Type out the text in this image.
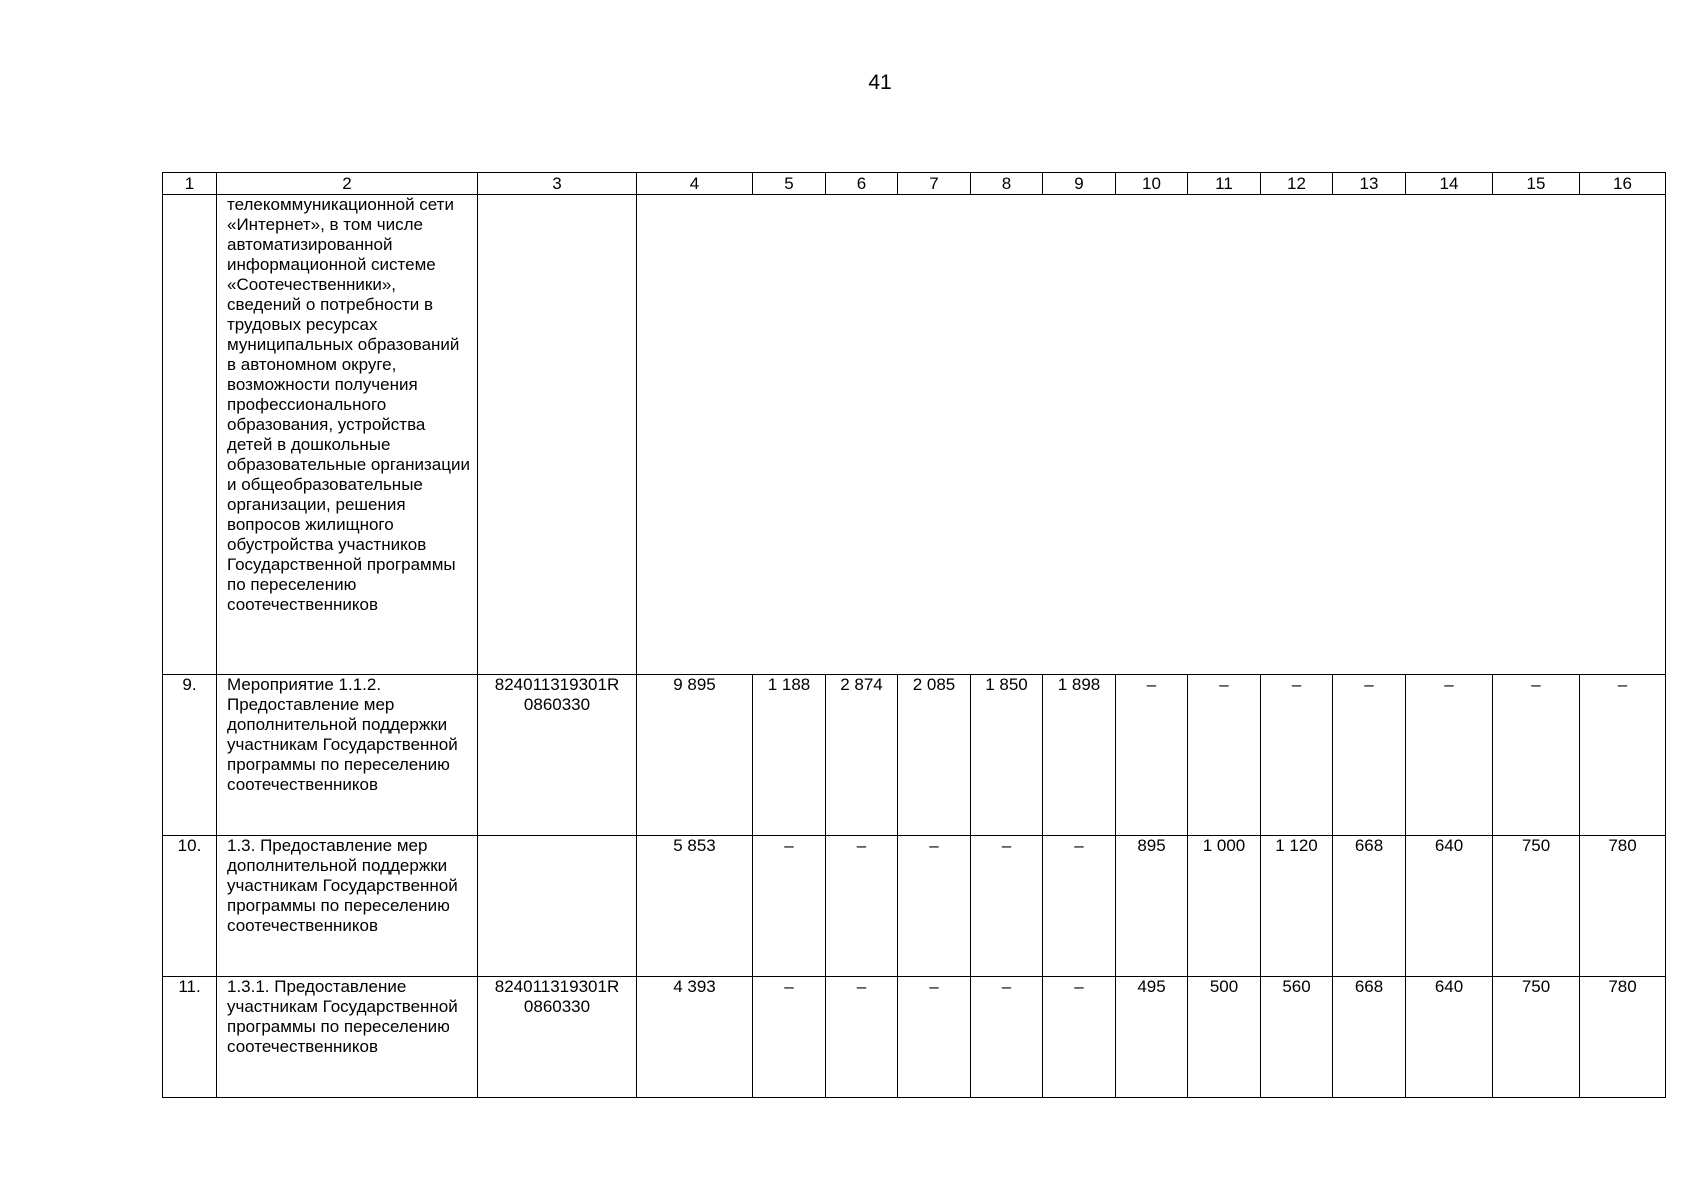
41
1	2	3	4	5	6	7	8	9	10	11	12	13	14	15	16
	телекоммуникационной сети «Интернет», в том числе автоматизированной информационной системе «Соотечественники», сведений о потребности в трудовых ресурсах муниципальных образований в автономном округе, возможности получения профессионального образования, устройства детей в дошкольные образовательные организации и общеобразовательные организации, решения вопросов жилищного обустройства участников Государственной программы по переселению соотечественников														
9.	Мероприятие 1.1.2. Предоставление мер дополнительной поддержки участникам Государственной программы по переселению соотечественников	824011319301R 0860330	9 895	1 188	2 874	2 085	1 850	1 898	–	–	–	–	–	–	–
10.	1.3. Предоставление мер дополнительной поддержки участникам Государственной программы по переселению соотечественников		5 853	–	–	–	–	–	895	1 000	1 120	668	640	750	780
11.	1.3.1. Предоставление участникам Государственной программы по переселению соотечественников	824011319301R 0860330	4 393	–	–	–	–	–	495	500	560	668	640	750	780
